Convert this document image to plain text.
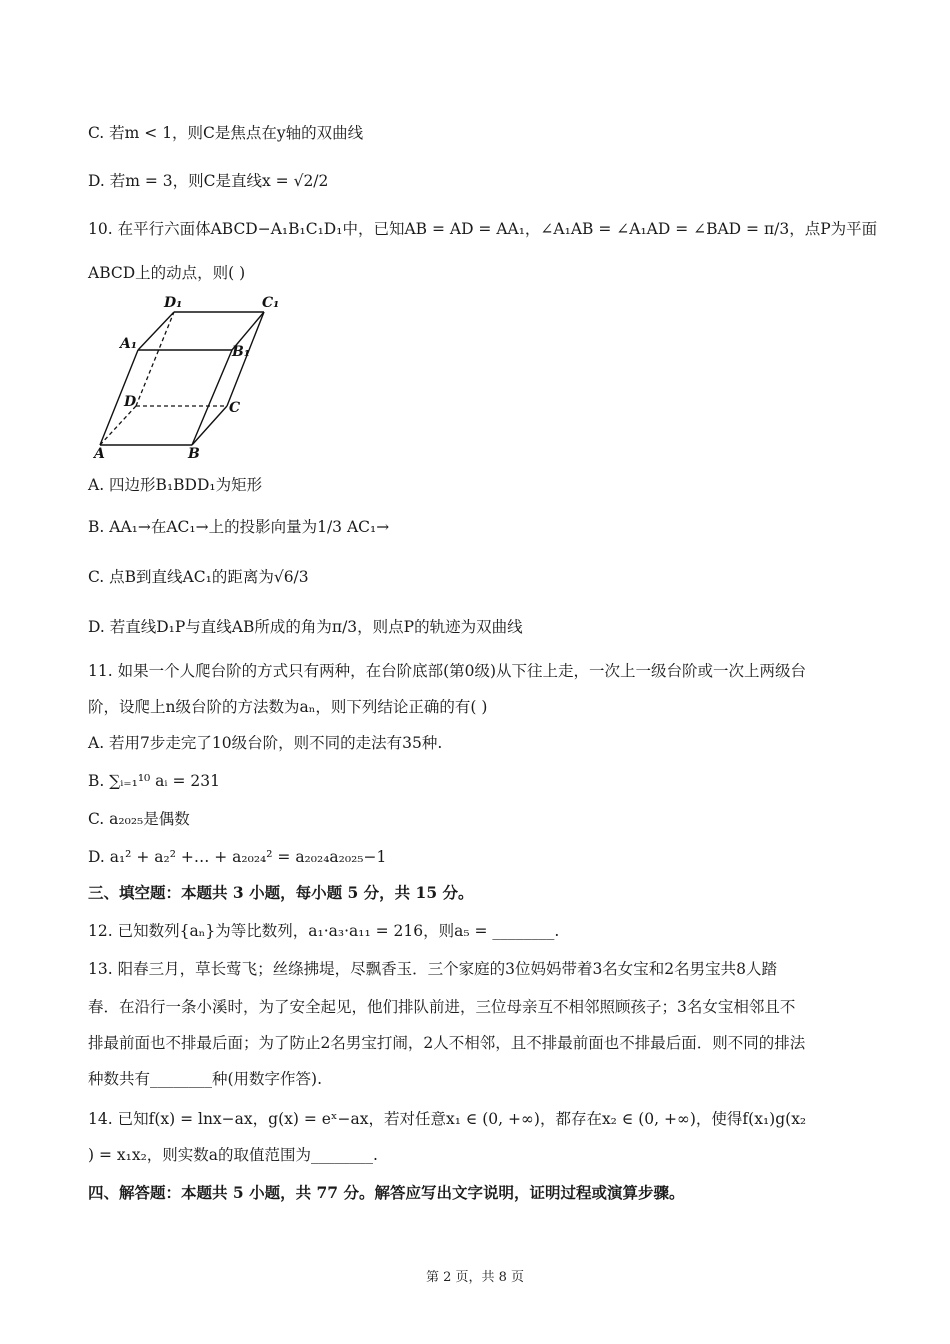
C. 若m < 1，则C是焦点在y轴的双曲线
D. 若m = 3，则C是直线x = √2/2
10. 在平行六面体ABCD−A₁B₁C₁D₁中，已知AB = AD = AA₁，∠A₁AB = ∠A₁AD = ∠BAD = π/3，点P为平面
ABCD上的动点，则( )
A. 四边形B₁BDD₁为矩形
B. AA₁→在AC₁→上的投影向量为1/3 AC₁→
C. 点B到直线AC₁的距离为√6/3
D. 若直线D₁P与直线AB所成的角为π/3，则点P的轨迹为双曲线
11. 如果一个人爬台阶的方式只有两种，在台阶底部(第0级)从下往上走，一次上一级台阶或一次上两级台
阶，设爬上n级台阶的方法数为aₙ，则下列结论正确的有( )
A. 若用7步走完了10级台阶，则不同的走法有35种.
B. ∑ᵢ₌₁¹⁰ aᵢ = 231
C. a₂₀₂₅是偶数
D. a₁² + a₂² +… + a₂₀₂₄² = a₂₀₂₄a₂₀₂₅−1
三、填空题：本题共 3 小题，每小题 5 分，共 15 分。
12. 已知数列{aₙ}为等比数列，a₁·a₃·a₁₁ = 216，则a₅ = ________.
13. 阳春三月，草长莺飞；丝绦拂堤，尽飘香玉．三个家庭的3位妈妈带着3名女宝和2名男宝共8人踏
春．在沿行一条小溪时，为了安全起见，他们排队前进，三位母亲互不相邻照顾孩子；3名女宝相邻且不
排最前面也不排最后面；为了防止2名男宝打闹，2人不相邻，且不排最前面也不排最后面．则不同的排法
种数共有________种(用数字作答).
14. 已知f(x) = lnx−ax，g(x) = eˣ−ax，若对任意x₁ ∈ (0, +∞)，都存在x₂ ∈ (0, +∞)，使得f(x₁)g(x₂
) = x₁x₂，则实数a的取值范围为________.
四、解答题：本题共 5 小题，共 77 分。解答应写出文字说明，证明过程或演算步骤。
D₁	C₁
A₁	B₁
D	C
A	B
第 2 页，共 8 页
